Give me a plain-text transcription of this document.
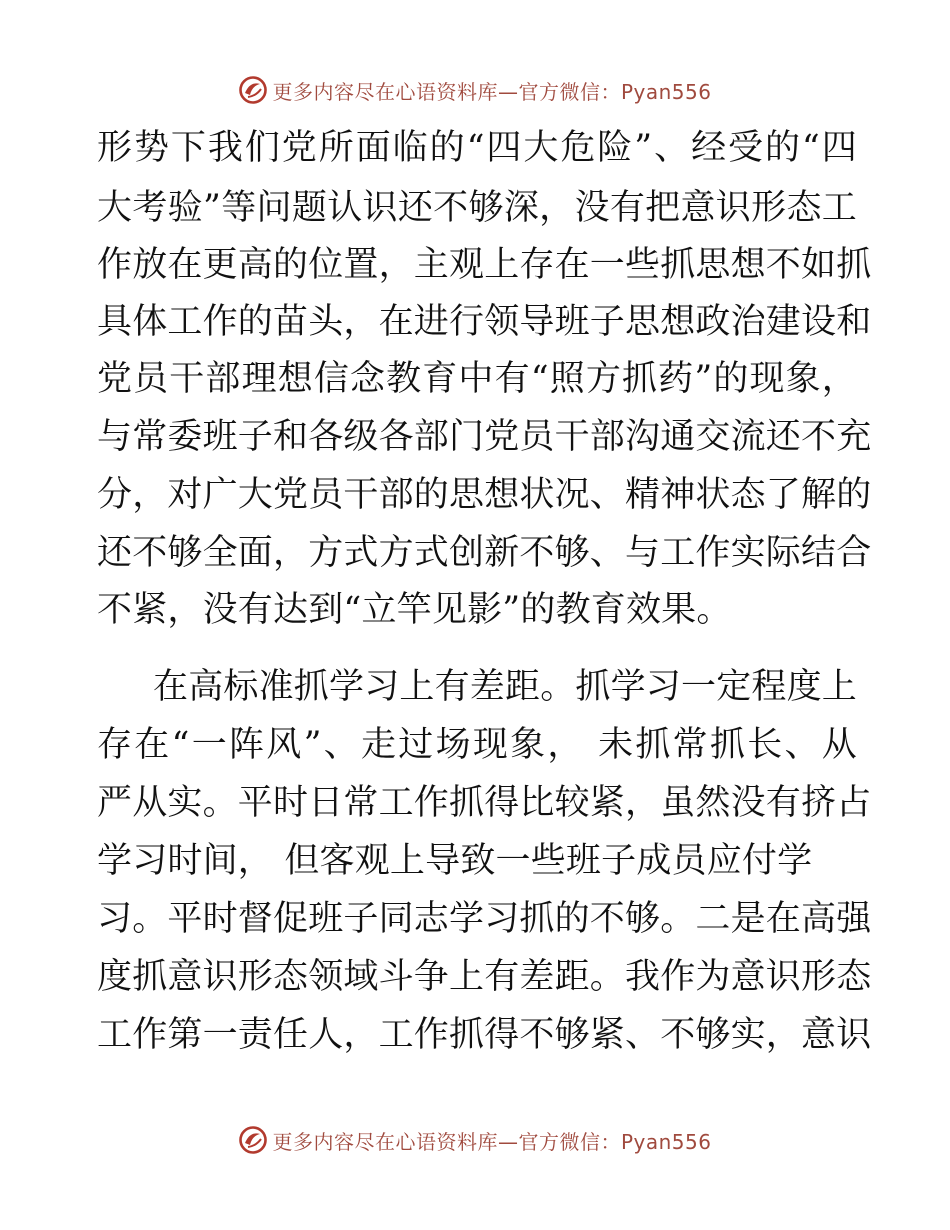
更多内容尽在心语资料库—官方微信：Pyan556
形势下我们党所面临的“四大危险”、经受的“四
大考验”等问题认识还不够深，没有把意识形态工
作放在更高的位置，主观上存在一些抓思想不如抓
具体工作的苗头，在进行领导班子思想政治建设和
党员干部理想信念教育中有“照方抓药”的现象，
与常委班子和各级各部门党员干部沟通交流还不充
分，对广大党员干部的思想状况、精神状态了解的
还不够全面，方式方式创新不够、与工作实际结合
不紧，没有达到“立竿见影”的教育效果。
在高标准抓学习上有差距。抓学习一定程度上
存在“一阵风”、走过场现象， 未抓常抓长、从
严从实。平时日常工作抓得比较紧，虽然没有挤占
学习时间， 但客观上导致一些班子成员应付学
习。平时督促班子同志学习抓的不够。二是在高强
度抓意识形态领域斗争上有差距。我作为意识形态
工作第一责任人，工作抓得不够紧、不够实，意识
更多内容尽在心语资料库—官方微信：Pyan556
